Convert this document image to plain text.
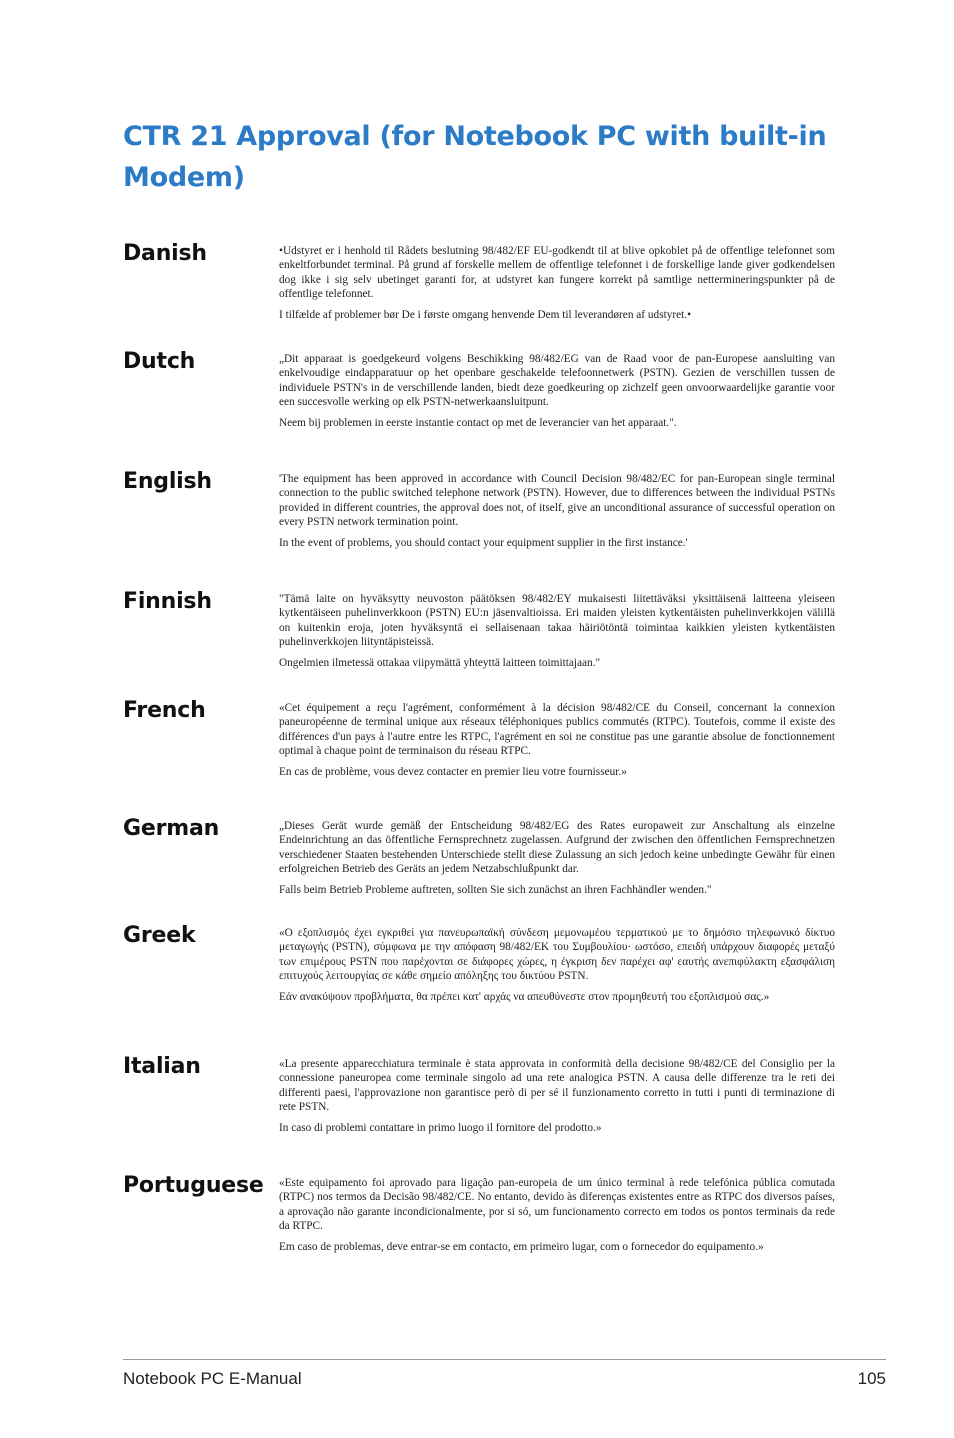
CTR 21 Approval (for Notebook PC with built-in Modem)
Danish	•Udstyret er i henhold til Rådets beslutning 98/482/EF EU-godkendt til at blive opkoblet på de offentlige telefonnet som enkeltforbundet terminal. På grund af forskelle mellem de offentlige telefonnet i de forskellige lande giver godkendelsen dog ikke i sig selv ubetinget garanti for, at udstyret kan fungere korrekt på samtlige nettermineringspunkter på de offentlige telefonnet.

I tilfælde af problemer bør De i første omgang henvende Dem til leverandøren af udstyret.•

Dutch	„Dit apparaat is goedgekeurd volgens Beschikking 98/482/EG van de Raad voor de pan-Europese aansluiting van enkelvoudige eindapparatuur op het openbare geschakelde telefoonnetwerk (PSTN). Gezien de verschillen tussen de individuele PSTN's in de verschillende landen, biedt deze goedkeuring op zichzelf geen onvoorwaardelijke garantie voor een succesvolle werking op elk PSTN-netwerkaansluitpunt.

Neem bij problemen in eerste instantie contact op met de leverancier van het apparaat.".

English	'The equipment has been approved in accordance with Council Decision 98/482/EC for pan-European single terminal connection to the public switched telephone network (PSTN). However, due to differences between the individual PSTNs provided in different countries, the approval does not, of itself, give an unconditional assurance of successful operation on every PSTN network termination point.

In the event of problems, you should contact your equipment supplier in the first instance.'

Finnish	"Tämä laite on hyväksytty neuvoston päätöksen 98/482/EY mukaisesti liitettäväksi yksittäisenä laitteena yleiseen kytkentäiseen puhelinverkkoon (PSTN) EU:n jäsenvaltioissa. Eri maiden yleisten kytkentäisten puhelinverkkojen välillä on kuitenkin eroja, joten hyväksyntä ei sellaisenaan takaa häiriötöntä toimintaa kaikkien yleisten kytkentäisten puhelinverkkojen liityntäpisteissä.

Ongelmien ilmetessä ottakaa viipymättä yhteyttä laitteen toimittajaan."

French	«Cet équipement a reçu l'agrément, conformément à la décision 98/482/CE du Conseil, concernant la connexion paneuropéenne de terminal unique aux réseaux téléphoniques publics commutés (RTPC). Toutefois, comme il existe des différences d'un pays à l'autre entre les RTPC, l'agrément en soi ne constitue pas une garantie absolue de fonctionnement optimal à chaque point de terminaison du réseau RTPC.

En cas de problème, vous devez contacter en premier lieu votre fournisseur.»

German	„Dieses Gerät wurde gemäß der Entscheidung 98/482/EG des Rates europaweit zur Anschaltung als einzelne Endeinrichtung an das öffentliche Fernsprechnetz zugelassen. Aufgrund der zwischen den öffentlichen Fernsprechnetzen verschiedener Staaten bestehenden Unterschiede stellt diese Zulassung an sich jedoch keine unbedingte Gewähr für einen erfolgreichen Betrieb des Geräts an jedem Netzabschlußpunkt dar.

Falls beim Betrieb Probleme auftreten, sollten Sie sich zunächst an ihren Fachhändler wenden."

Greek	«Ο εξοπλισμός έχει εγκριθεί για πανευρωπαϊκή σύνδεση μεμονωμέου τερματικού με το δημόσιο τηλεφωνικό δίκτυο μεταγωγής (PSTN), σύμφωνα με την απόφαση 98/482/ΕΚ του Συμβουλίου· ωστόσο, επειδή υπάρχουν διαφορές μεταξύ των επιμέρους PSTN που παρέχονται σε διάφορες χώρες, η έγκριση δεν παρέχει αφ' εαυτής ανεπιφύλακτη εξασφάλιση επιτυχούς λειτουργίας σε κάθε σημείο απόληξης του δικτύου PSTN.

Εάν ανακύψουν προβλήματα, θα πρέπει κατ' αρχάς να απευθύνεστε στον προμηθευτή του εξοπλισμού σας.»

Italian	«La presente apparecchiatura terminale è stata approvata in conformità della decisione 98/482/CE del Consiglio per la connessione paneuropea come terminale singolo ad una rete analogica PSTN. A causa delle differenze tra le reti dei differenti paesi, l'approvazione non garantisce però di per sé il funzionamento corretto in tutti i punti di terminazione di rete PSTN.

In caso di problemi contattare in primo luogo il fornitore del prodotto.»

Portuguese «Este equipamento foi aprovado para ligação pan-europeia de um único terminal à rede telefónica pública comutada (RTPC) nos termos da Decisão 98/482/CE. No entanto, devido às diferenças existentes entre as RTPC dos diversos países, a aprovação não garante incondicionalmente, por si só, um funcionamento correcto em todos os pontos terminais da rede da RTPC.

Em caso de problemas, deve entrar-se em contacto, em primeiro lugar, com o fornecedor do equipamento.»

Notebook PC E-Manual	105
